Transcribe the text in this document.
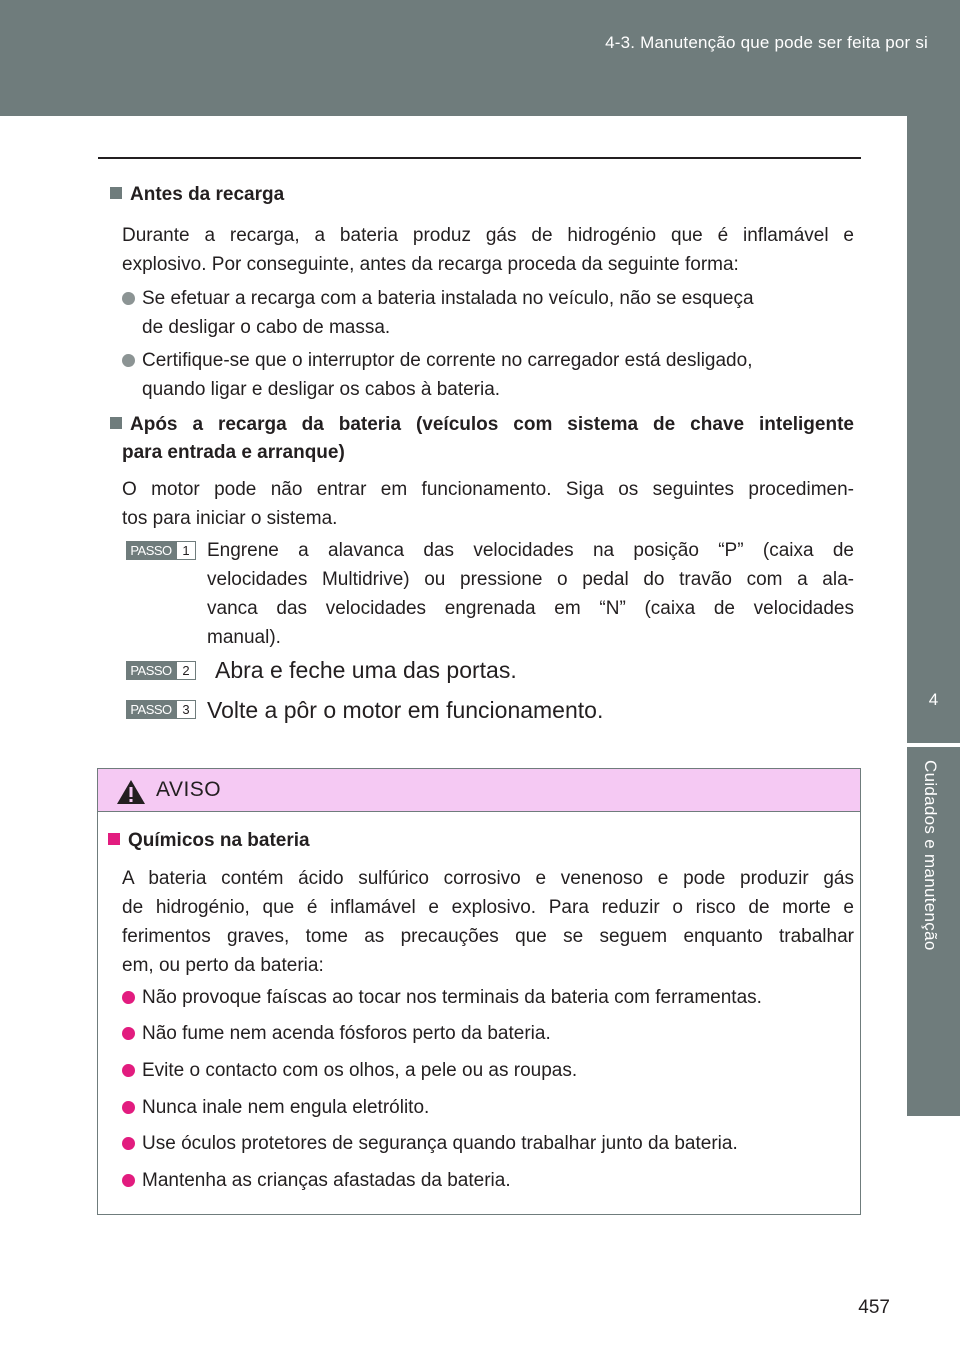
4-3. Manutenção que pode ser feita por si
4
Cuidados e manutenção
Antes da recarga
Durante a recarga, a bateria produz gás de hidrogénio que é inflamável e
explosivo. Por conseguinte, antes da recarga proceda da seguinte forma:
Se efetuar a recarga com a bateria instalada no veículo, não se esqueça
de desligar o cabo de massa.
Certifique-se que o interruptor de corrente no carregador está desligado,
quando ligar e desligar os cabos à bateria.
Após a recarga da bateria (veículos com sistema de chave inteligente
para entrada e arranque)
O motor pode não entrar em funcionamento. Siga os seguintes procedimen-
tos para iniciar o sistema.
PASSO 1 Engrene a alavanca das velocidades na posição “P” (caixa de
velocidades Multidrive) ou pressione o pedal do travão com a ala-
vanca das velocidades engrenada em “N” (caixa de velocidades
manual).
PASSO 2 Abra e feche uma das portas.
PASSO 3 Volte a pôr o motor em funcionamento.
AVISO
Químicos na bateria
A bateria contém ácido sulfúrico corrosivo e venenoso e pode produzir gás
de hidrogénio, que é inflamável e explosivo. Para reduzir o risco de morte e
ferimentos graves, tome as precauções que se seguem enquanto trabalhar
em, ou perto da bateria:
Não provoque faíscas ao tocar nos terminais da bateria com ferramentas.
Não fume nem acenda fósforos perto da bateria.
Evite o contacto com os olhos, a pele ou as roupas.
Nunca inale nem engula eletrólito.
Use óculos protetores de segurança quando trabalhar junto da bateria.
Mantenha as crianças afastadas da bateria.
457
